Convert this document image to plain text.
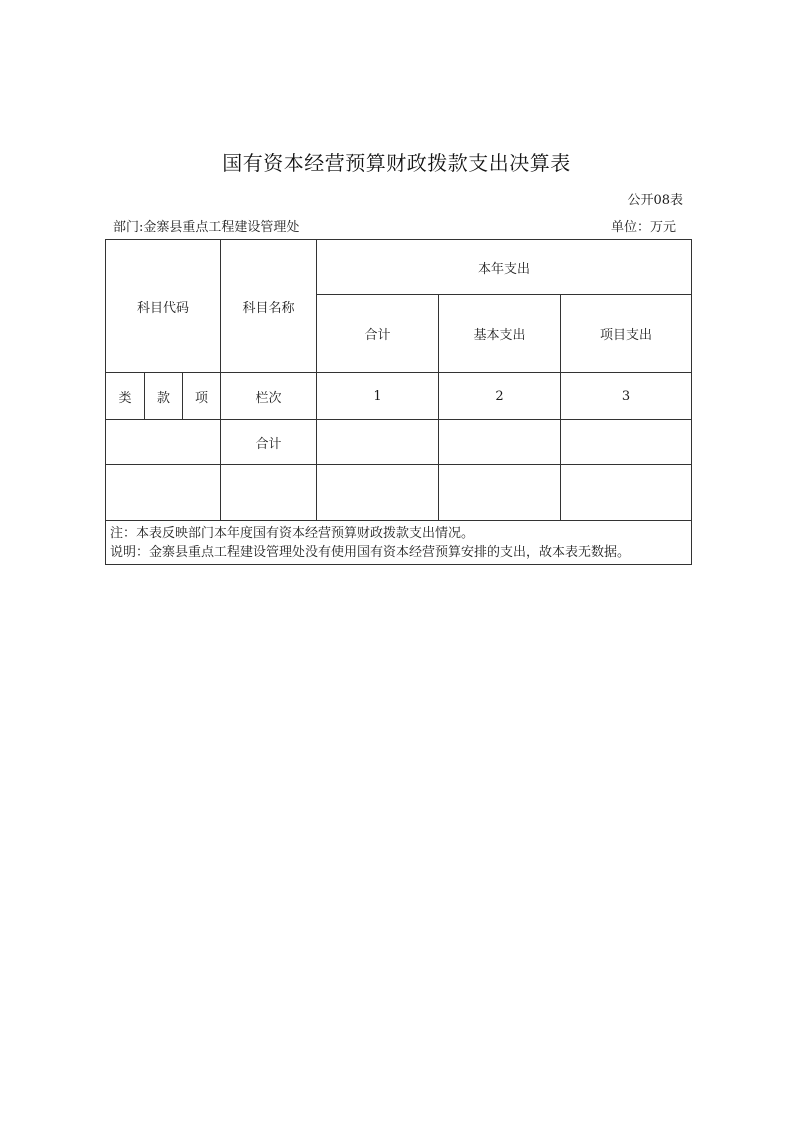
国有资本经营预算财政拨款支出决算表
公开08表
部门:金寨县重点工程建设管理处	单位：万元
科目代码			科目名称	本年支出		
				合计	基本支出	项目支出
类	款	项	栏次	1	2	3
			合计			

注：本表反映部门本年度国有资本经营预算财政拨款支出情况。
说明：金寨县重点工程建设管理处没有使用国有资本经营预算安排的支出，故本表无数据。						
